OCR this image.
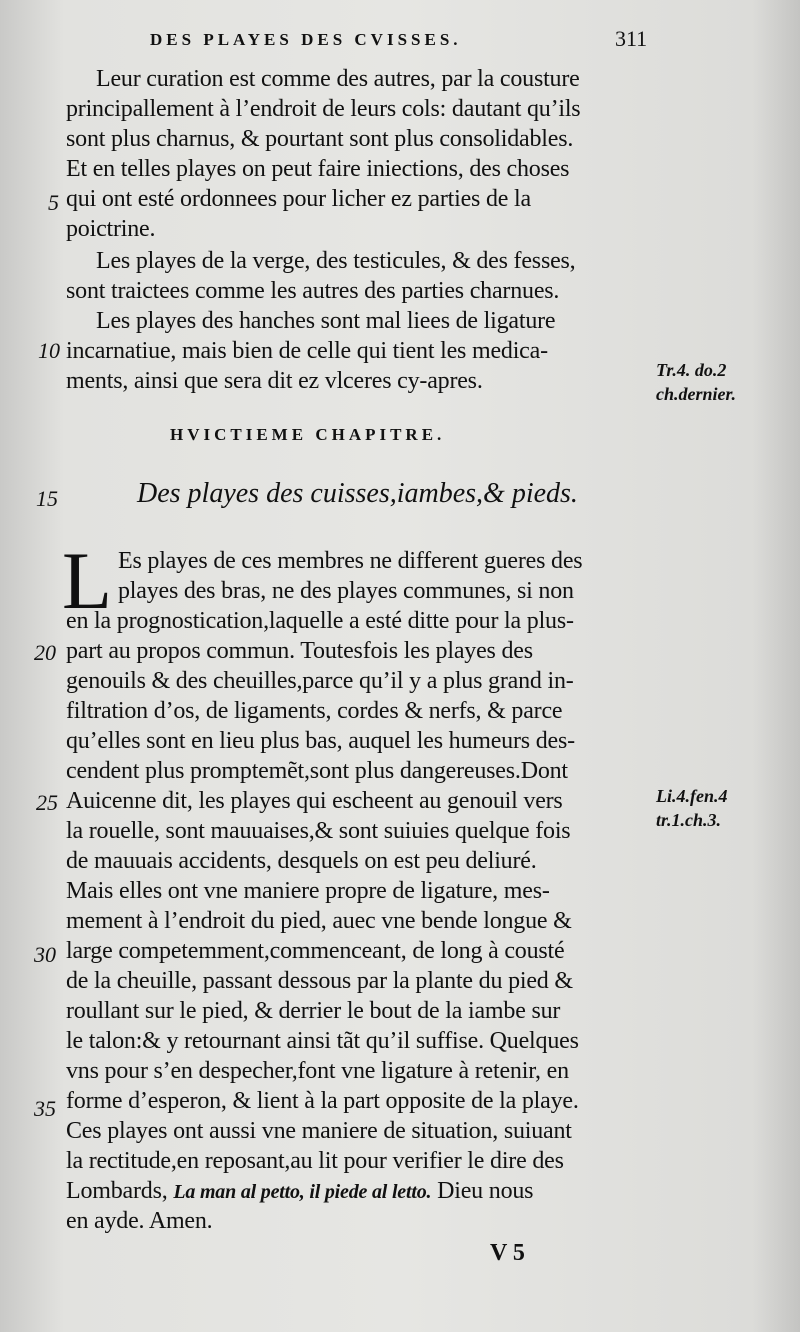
DES PLAYES DES CVISSES.	311
Leur curation est comme des autres, par la cousture
principallement à l’endroit de leurs cols: dautant qu’ils
sont plus charnus, & pourtant sont plus consolidables.
Et en telles playes on peut faire iniections, des choses
qui ont esté ordonnees pour licher ez parties de la
poictrine.
Les playes de la verge, des testicules, & des fesses,
sont traictees comme les autres des parties charnues.
Les playes des hanches sont mal liees de ligature
incarnatiue, mais bien de celle qui tient les medica-
ments, ainsi que sera dit ez vlceres cy-apres.
5
10
Tr.4. do.2
ch.dernier.
HVICTIEME CHAPITRE.
15	Des playes des cuisses,iambes,& pieds.
L Es playes de ces membres ne different gueres des
playes des bras, ne des playes communes, si non
en la prognostication,laquelle a esté ditte pour la plus-
part au propos commun. Toutesfois les playes des
genouils & des cheuilles,parce qu’il y a plus grand in-
filtration d’os, de ligaments, cordes & nerfs, & parce
qu’elles sont en lieu plus bas, auquel les humeurs des-
cendent plus promptemẽt,sont plus dangereuses.Dont
Auicenne dit, les playes qui escheent au genouil vers
la rouelle, sont mauuaises,& sont suiuies quelque fois
de mauuais accidents, desquels on est peu deliuré.
Mais elles ont vne maniere propre de ligature, mes-
mement à l’endroit du pied, auec vne bende longue &
large competemment,commenceant, de long à cousté
de la cheuille, passant dessous par la plante du pied &
roullant sur le pied, & derrier le bout de la iambe sur
le talon:& y retournant ainsi tãt qu’il suffise. Quelques
vns pour s’en despecher,font vne ligature à retenir, en
forme d’esperon, & lient à la part opposite de la playe.
Ces playes ont aussi vne maniere de situation, suiuant
la rectitude,en reposant,au lit pour verifier le dire des
Lombards, La man al petto, il piede al letto. Dieu nous
en ayde. Amen.
20
25
30
35
Li.4.fen.4
tr.1.ch.3.
V 5
